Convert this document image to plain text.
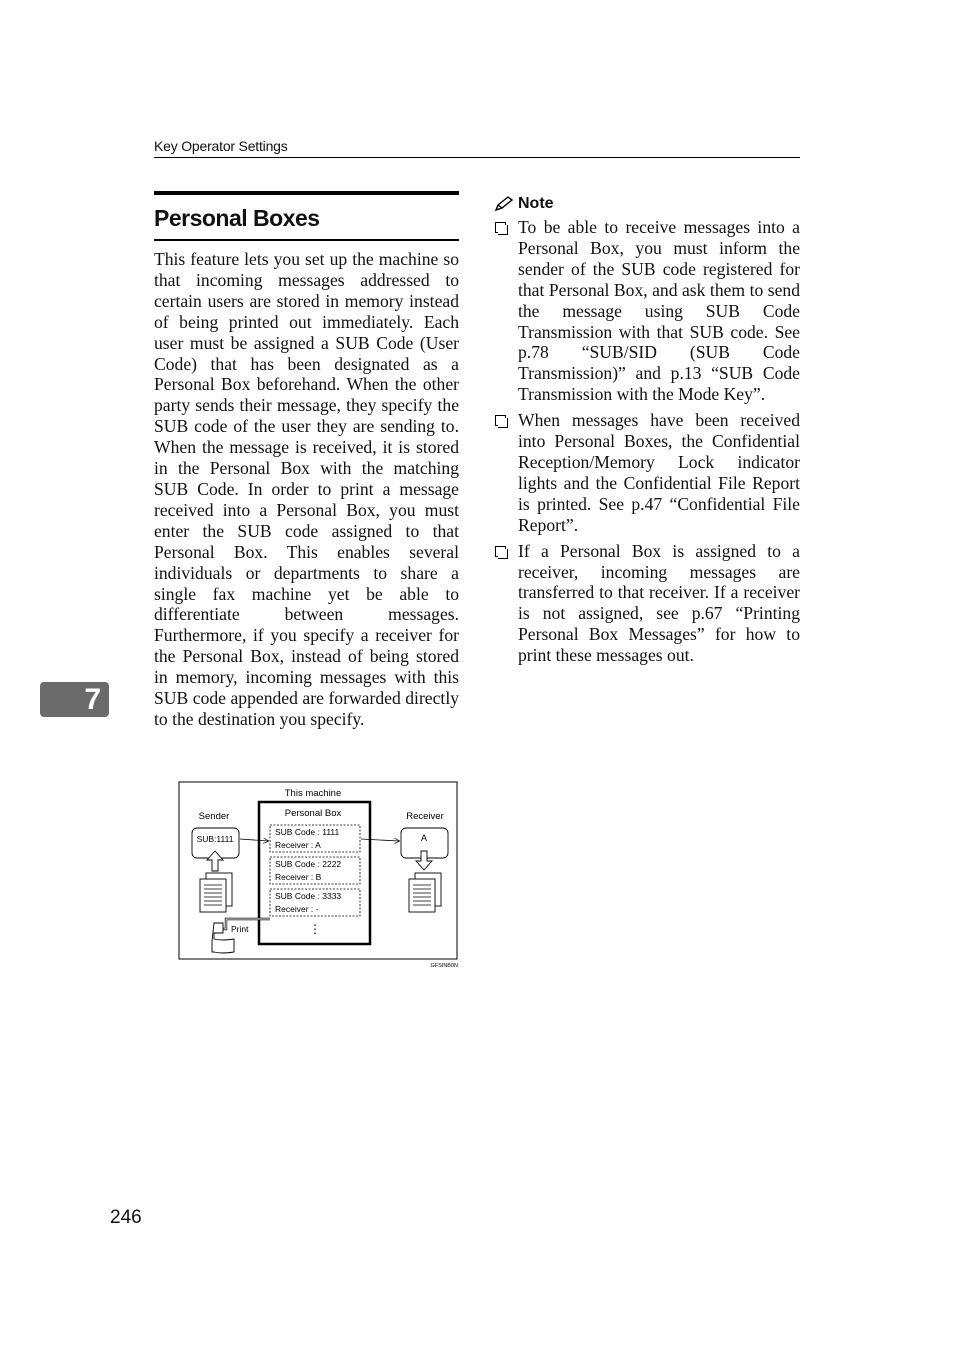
Key Operator Settings
7
Personal Boxes

This feature lets you set up the machine so that incoming messages addressed to certain users are stored in memory instead of being printed out immediately. Each user must be assigned a SUB Code (User Code) that has been designated as a Personal Box beforehand. When the other party sends their message, they specify the SUB code of the user they are sending to. When the message is received, it is stored in the Personal Box with the matching SUB Code. In order to print a message received into a Personal Box, you must enter the SUB code assigned to that Personal Box. This enables several individuals or departments to share a single fax machine yet be able to differentiate between messages. Furthermore, if you specify a receiver for the Personal Box, instead of being stored in memory, incoming messages with this SUB code appended are forwarded directly to the destination you specify.

Note
To be able to receive messages into a Personal Box, you must inform the sender of the SUB code registered for that Personal Box, and ask them to send the message using SUB Code Transmission with that SUB code. See p.78 “SUB/SID (SUB Code Transmission)” and p.13 “SUB Code Transmission with the Mode Key”.
When messages have been received into Personal Boxes, the Confidential Reception/Memory Lock indicator lights and the Confidential File Report is printed. See p.47 “Confidential File Report”.
If a Personal Box is assigned to a receiver, incoming messages are transferred to that receiver. If a receiver is not assigned, see p.67 “Printing Personal Box Messages” for how to print these messages out.
This machine
Personal Box
SUB Code : 1111
Receiver : A
SUB Code : 2222
Receiver : B
SUB Code : 3333
Receiver : -
⋮
Sender
SUB:1111
Receiver
A
Print
GFSINB0N
246
